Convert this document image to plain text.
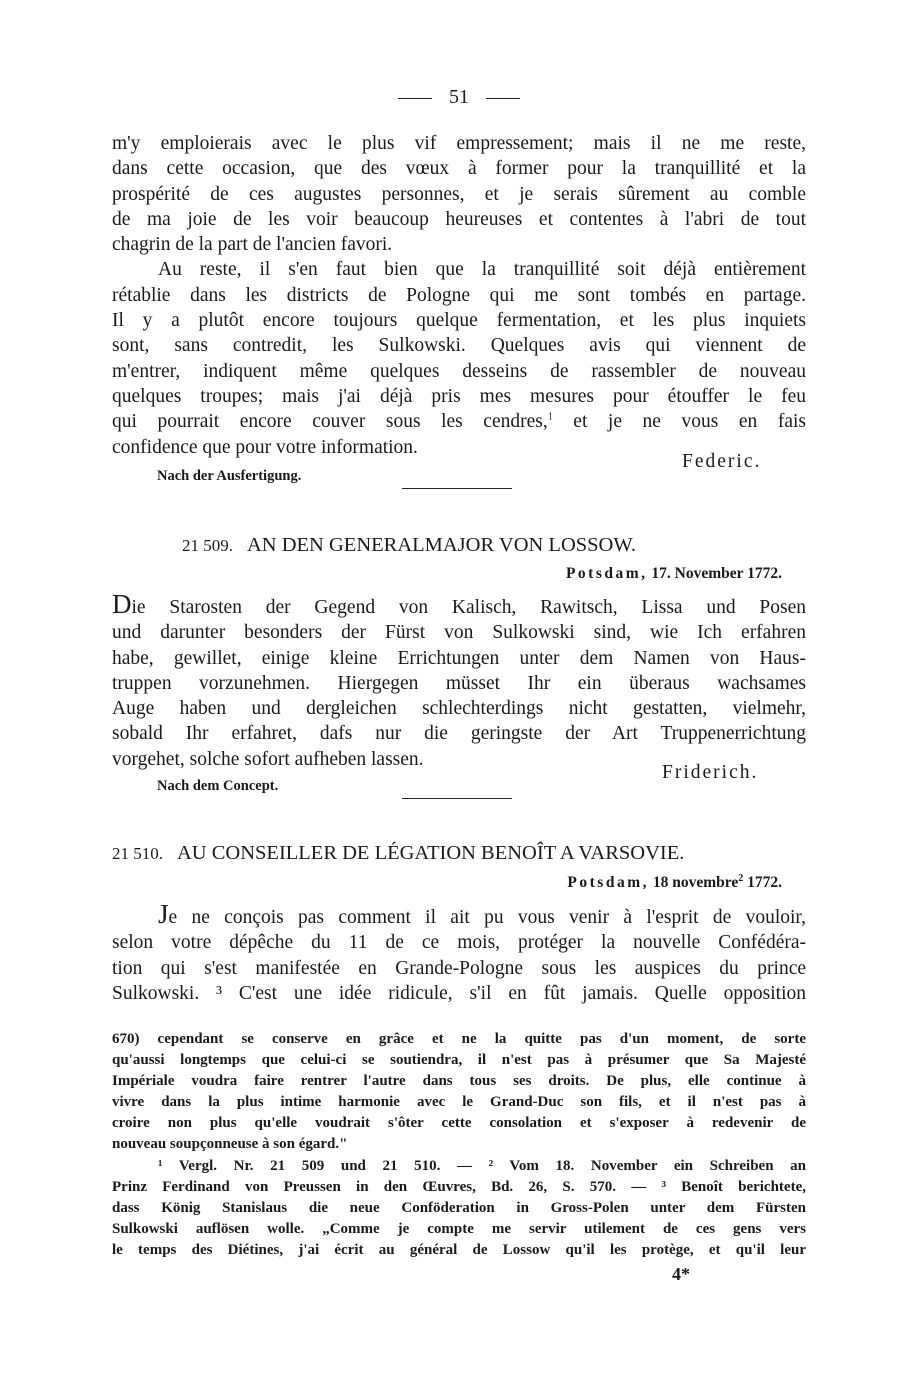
51
m'y emploierais avec le plus vif empressement; mais il ne me reste,
dans cette occasion, que des vœux à former pour la tranquillité et la
prospérité de ces augustes personnes, et je serais sûrement au comble
de ma joie de les voir beaucoup heureuses et contentes à l'abri de tout
chagrin de la part de l'ancien favori.
Au reste, il s'en faut bien que la tranquillité soit déjà entièrement
rétablie dans les districts de Pologne qui me sont tombés en partage.
Il y a plutôt encore toujours quelque fermentation, et les plus inquiets
sont, sans contredit, les Sulkowski. Quelques avis qui viennent de
m'entrer, indiquent même quelques desseins de rassembler de nouveau
quelques troupes; mais j'ai déjà pris mes mesures pour étouffer le feu
qui pourrait encore couver sous les cendres,$^1$ et je ne vous en fais
confidence que pour votre information.
Federic.
Nach der Ausfertigung.
21 509. AN DEN GENERALMAJOR VON LOSSOW.
Potsdam, 17. November 1772.
Die Starosten der Gegend von Kalisch, Rawitsch, Lissa und Posen
und darunter besonders der Fürst von Sulkowski sind, wie Ich erfahren
habe, gewillet, einige kleine Errichtungen unter dem Namen von Haus-
truppen vorzunehmen. Hiergegen müsset Ihr ein überaus wachsames
Auge haben und dergleichen schlechterdings nicht gestatten, vielmehr,
sobald Ihr erfahret, dafs nur die geringste der Art Truppenerrichtung
vorgehet, solche sofort aufheben lassen.
Friderich.
Nach dem Concept.
21 510. AU CONSEILLER DE LÉGATION BENOÎT A VARSOVIE.
Potsdam, 18 novembre$^2$ 1772.
Je ne conçois pas comment il ait pu vous venir à l'esprit de vouloir,
selon votre dépêche du 11 de ce mois, protéger la nouvelle Confédéra-
tion qui s'est manifestée en Grande-Pologne sous les auspices du prince
Sulkowski. ³ C'est une idée ridicule, s'il en fût jamais. Quelle opposition
670) cependant se conserve en grâce et ne la quitte pas d'un moment, de sorte
qu'aussi longtemps que celui-ci se soutiendra, il n'est pas à présumer que Sa Majesté
Impériale voudra faire rentrer l'autre dans tous ses droits. De plus, elle continue à
vivre dans la plus intime harmonie avec le Grand-Duc son fils, et il n'est pas à
croire non plus qu'elle voudrait s'ôter cette consolation et s'exposer à redevenir de
nouveau soupçonneuse à son égard."
¹ Vergl. Nr. 21 509 und 21 510. — ² Vom 18. November ein Schreiben an
Prinz Ferdinand von Preussen in den Œuvres, Bd. 26, S. 570. — ³ Benoît berichtete,
dass König Stanislaus die neue Conföderation in Gross-Polen unter dem Fürsten
Sulkowski auflösen wolle. „Comme je compte me servir utilement de ces gens vers
le temps des Diétines, j'ai écrit au général de Lossow qu'il les protège, et qu'il leur
4*
